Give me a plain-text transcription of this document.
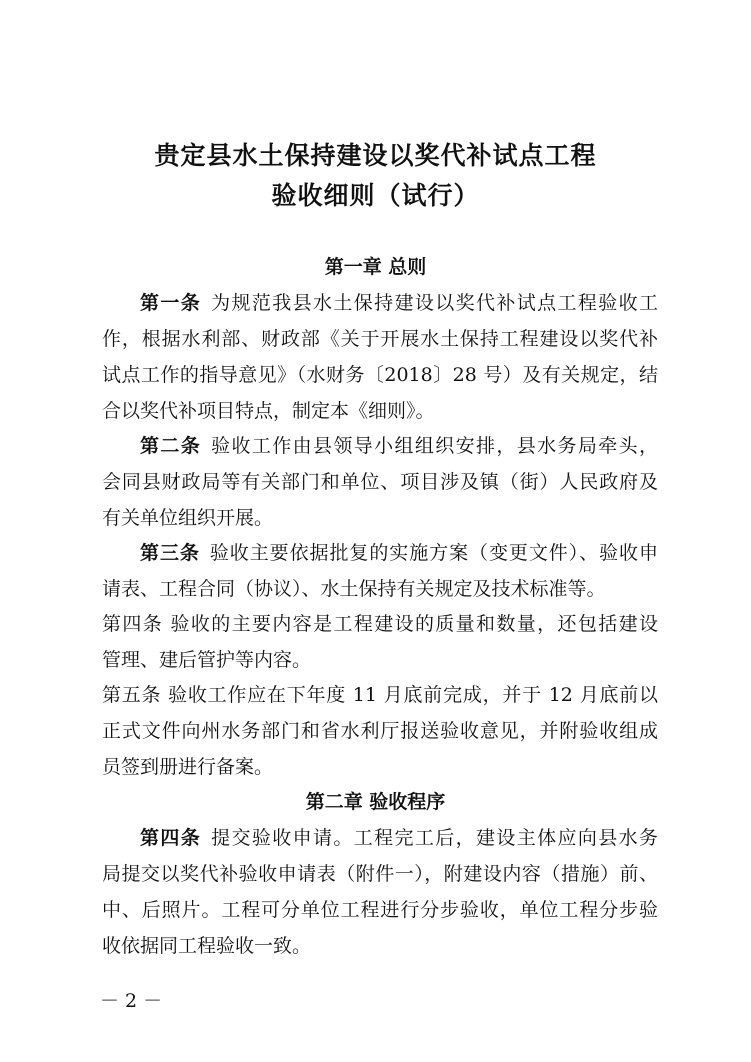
贵定县水土保持建设以奖代补试点工程
验收细则（试行）
第一章 总则
第一条 为规范我县水土保持建设以奖代补试点工程验收工
作，根据水利部、财政部《关于开展水土保持工程建设以奖代补
试点工作的指导意见》（水财务〔2018〕28 号）及有关规定，结
合以奖代补项目特点，制定本《细则》。
第二条 验收工作由县领导小组组织安排，县水务局牵头，
会同县财政局等有关部门和单位、项目涉及镇（街）人民政府及
有关单位组织开展。
第三条 验收主要依据批复的实施方案（变更文件）、验收申
请表、工程合同（协议）、水土保持有关规定及技术标准等。
第四条 验收的主要内容是工程建设的质量和数量，还包括建设
管理、建后管护等内容。
第五条 验收工作应在下年度 11 月底前完成，并于 12 月底前以
正式文件向州水务部门和省水利厅报送验收意见，并附验收组成
员签到册进行备案。
第二章 验收程序
第四条 提交验收申请。工程完工后，建设主体应向县水务
局提交以奖代补验收申请表（附件一），附建设内容（措施）前、
中、后照片。工程可分单位工程进行分步验收，单位工程分步验
收依据同工程验收一致。
－ 2 －
